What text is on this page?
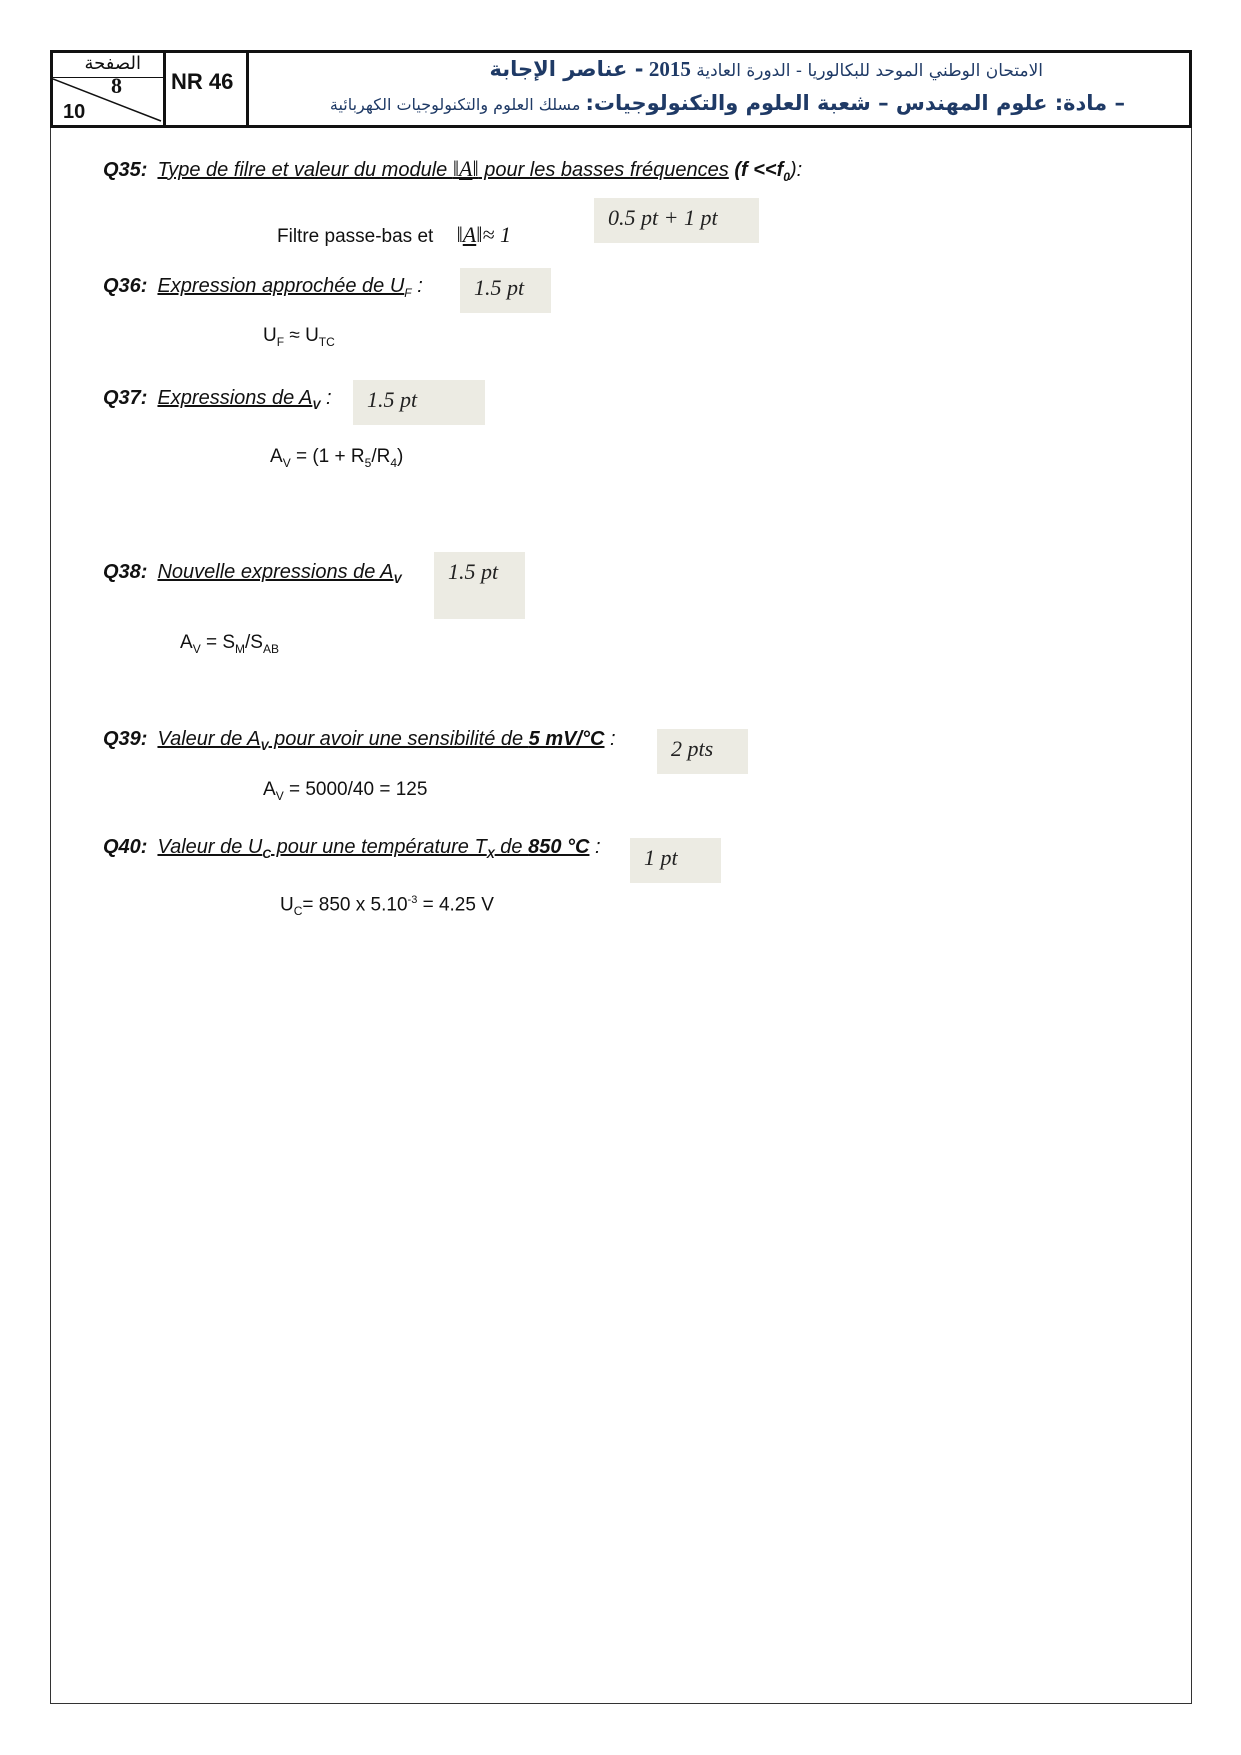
الصفحة
8
10
NR 46	الامتحان الوطني الموحد للبكالوريا - الدورة العادية 2015 - عناصر الإجابة
– مادة: علوم المهندس – شعبة العلوم والتكنولوجيات: مسلك العلوم والتكنولوجيات الكهربائية
Q35: Type de filre et valeur du module ‖A‖ pour les basses fréquences $(f <<f_0)$:
Filtre passe-bas et ‖A‖≈ 1
0.5 pt + 1 pt
Q36: Expression approchée de $U_F$ :
$U_F \approx U_{TC}$
1.5 pt
Q37: Expressions de $A_V$ :
$A_V = (1 + R_5/R_4)$
1.5 pt
Q38: Nouvelle expressions de $A_V$
$A_V = S_M/S_{AB}$
1.5 pt
Q39: Valeur de $A_V$ pour avoir une sensibilité de 5 mV/°C :
$A_V = 5000/40 = 125$
2 pts
Q40: Valeur de $U_C$ pour une température $T_X$ de 850 °C :
$U_C= 850$ x $5.10^{-3} = 4.25$ V
1 pt
